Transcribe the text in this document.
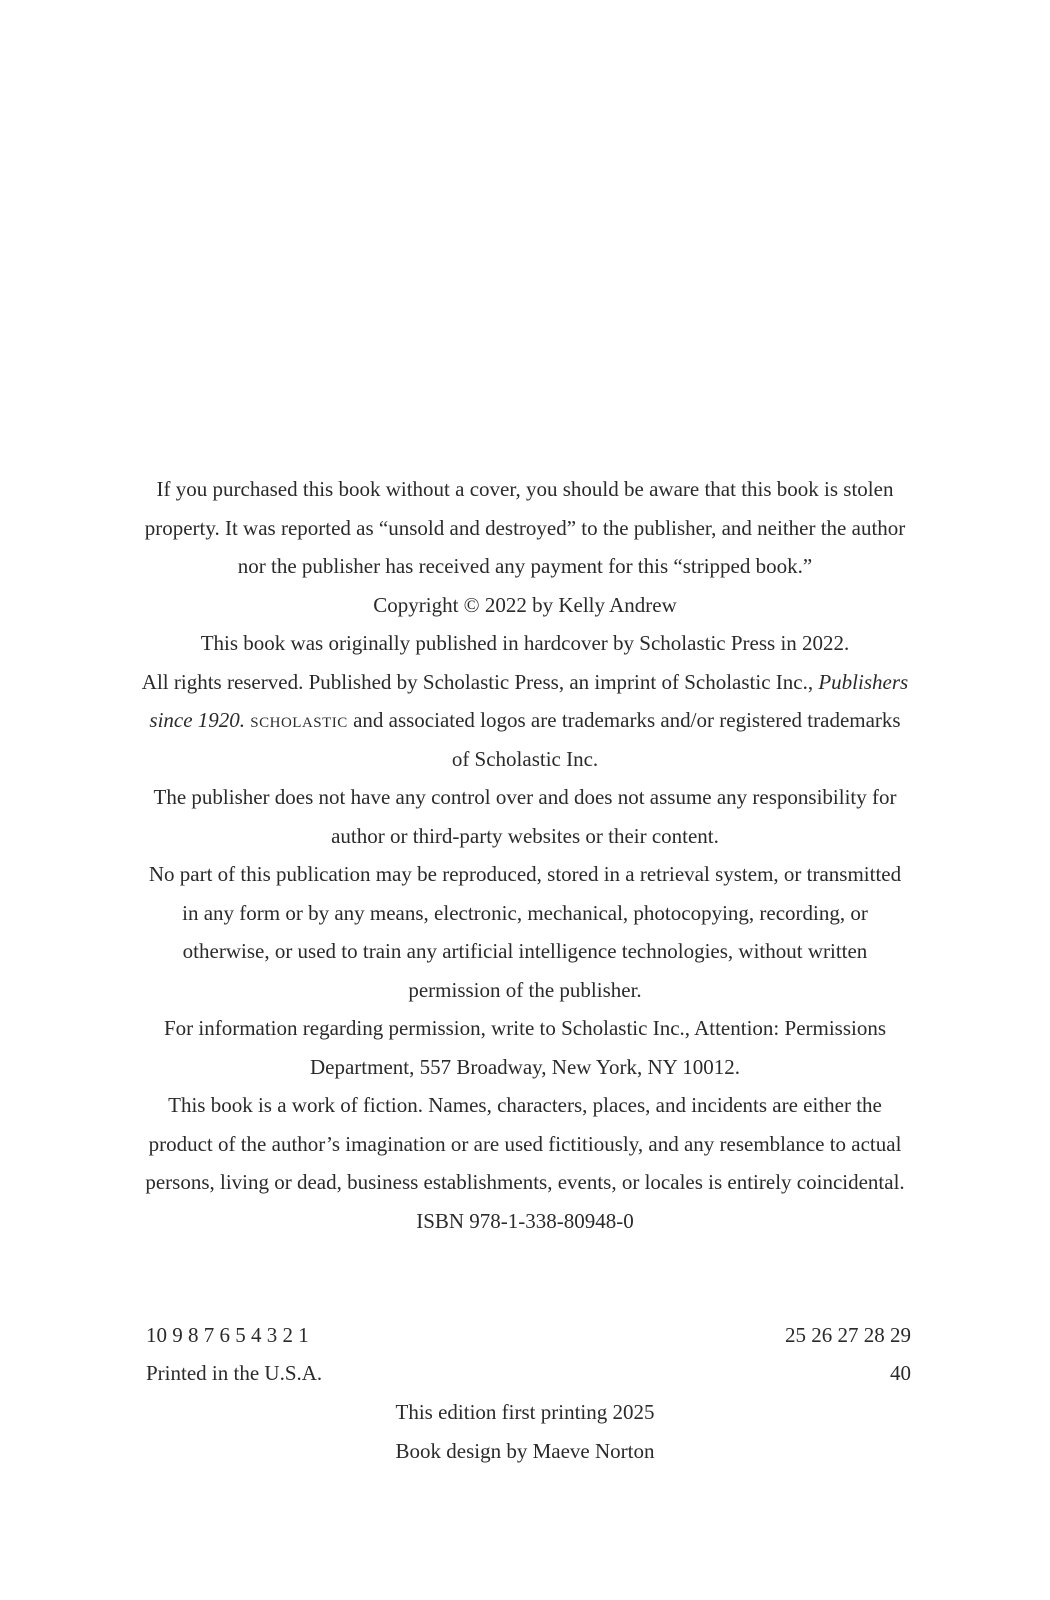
If you purchased this book without a cover, you should be aware that this book is stolen property. It was reported as “unsold and destroyed” to the publisher, and neither the author nor the publisher has received any payment for this “stripped book.”

Copyright © 2022 by Kelly Andrew

This book was originally published in hardcover by Scholastic Press in 2022.

All rights reserved. Published by Scholastic Press, an imprint of Scholastic Inc., Publishers since 1920. scholastic and associated logos are trademarks and/or registered trademarks of Scholastic Inc.

The publisher does not have any control over and does not assume any responsibility for author or third-party websites or their content.

No part of this publication may be reproduced, stored in a retrieval system, or transmitted in any form or by any means, electronic, mechanical, photocopying, recording, or otherwise, or used to train any artificial intelligence technologies, without written permission of the publisher.

For information regarding permission, write to Scholastic Inc., Attention: Permissions Department, 557 Broadway, New York, NY 10012.

This book is a work of fiction. Names, characters, places, and incidents are either the product of the author’s imagination or are used fictitiously, and any resemblance to actual persons, living or dead, business establishments, events, or locales is entirely coincidental.

ISBN 978-1-338-80948-0

10 9 8 7 6 5 4 3 2 1	25 26 27 28 29
Printed in the U.S.A.	40

This edition first printing 2025

Book design by Maeve Norton
